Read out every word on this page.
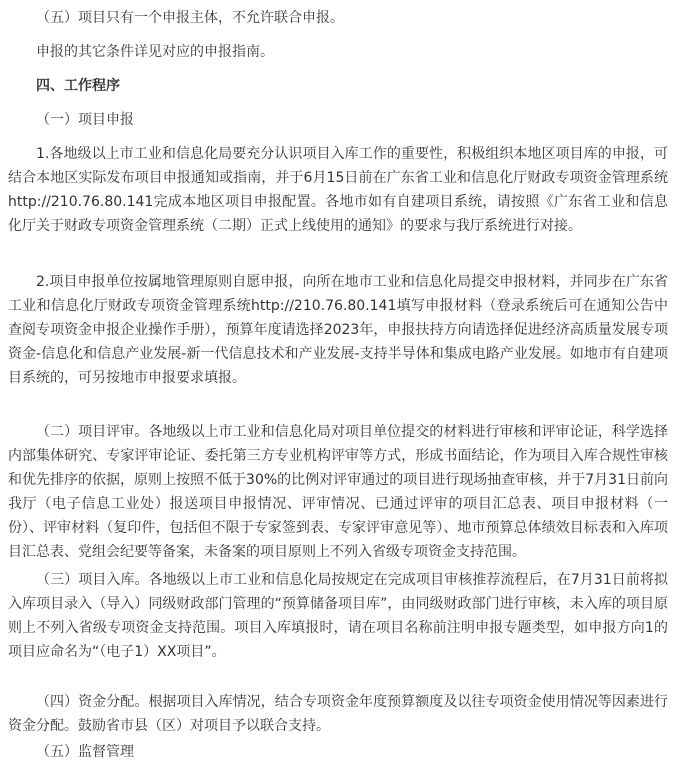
（五）项目只有一个申报主体，不允许联合申报。

申报的其它条件详见对应的申报指南。

四、工作程序

（一）项目申报

1.各地级以上市工业和信息化局要充分认识项目入库工作的重要性，积极组织本地区项目库的申报，可结合本地区实际发布项目申报通知或指南，并于6月15日前在广东省工业和信息化厅财政专项资金管理系统http://210.76.80.141完成本地区项目申报配置。各地市如有自建项目系统，请按照《广东省工业和信息化厅关于财政专项资金管理系统（二期）正式上线使用的通知》的要求与我厅系统进行对接。

2.项目申报单位按属地管理原则自愿申报，向所在地市工业和信息化局提交申报材料，并同步在广东省工业和信息化厅财政专项资金管理系统http://210.76.80.141填写申报材料（登录系统后可在通知公告中查阅专项资金申报企业操作手册），预算年度请选择2023年，申报扶持方向请选择促进经济高质量发展专项资金-信息化和信息产业发展-新一代信息技术和产业发展-支持半导体和集成电路产业发展。如地市有自建项目系统的，可另按地市申报要求填报。

（二）项目评审。各地级以上市工业和信息化局对项目单位提交的材料进行审核和评审论证，科学选择内部集体研究、专家评审论证、委托第三方专业机构评审等方式，形成书面结论，作为项目入库合规性审核和优先排序的依据，原则上按照不低于30%的比例对评审通过的项目进行现场抽查审核，并于7月31日前向我厅（电子信息工业处）报送项目申报情况、评审情况、已通过评审的项目汇总表、项目申报材料（一份）、评审材料（复印件，包括但不限于专家签到表、专家评审意见等）、地市预算总体绩效目标表和入库项目汇总表、党组会纪要等备案，未备案的项目原则上不列入省级专项资金支持范围。

（三）项目入库。各地级以上市工业和信息化局按规定在完成项目审核推荐流程后，在7月31日前将拟入库项目录入（导入）同级财政部门管理的“预算储备项目库”，由同级财政部门进行审核，未入库的项目原则上不列入省级专项资金支持范围。项目入库填报时，请在项目名称前注明申报专题类型，如申报方向1的项目应命名为“（电子1）XX项目”。

（四）资金分配。根据项目入库情况，结合专项资金年度预算额度及以往专项资金使用情况等因素进行资金分配。鼓励省市县（区）对项目予以联合支持。

（五）监督管理
